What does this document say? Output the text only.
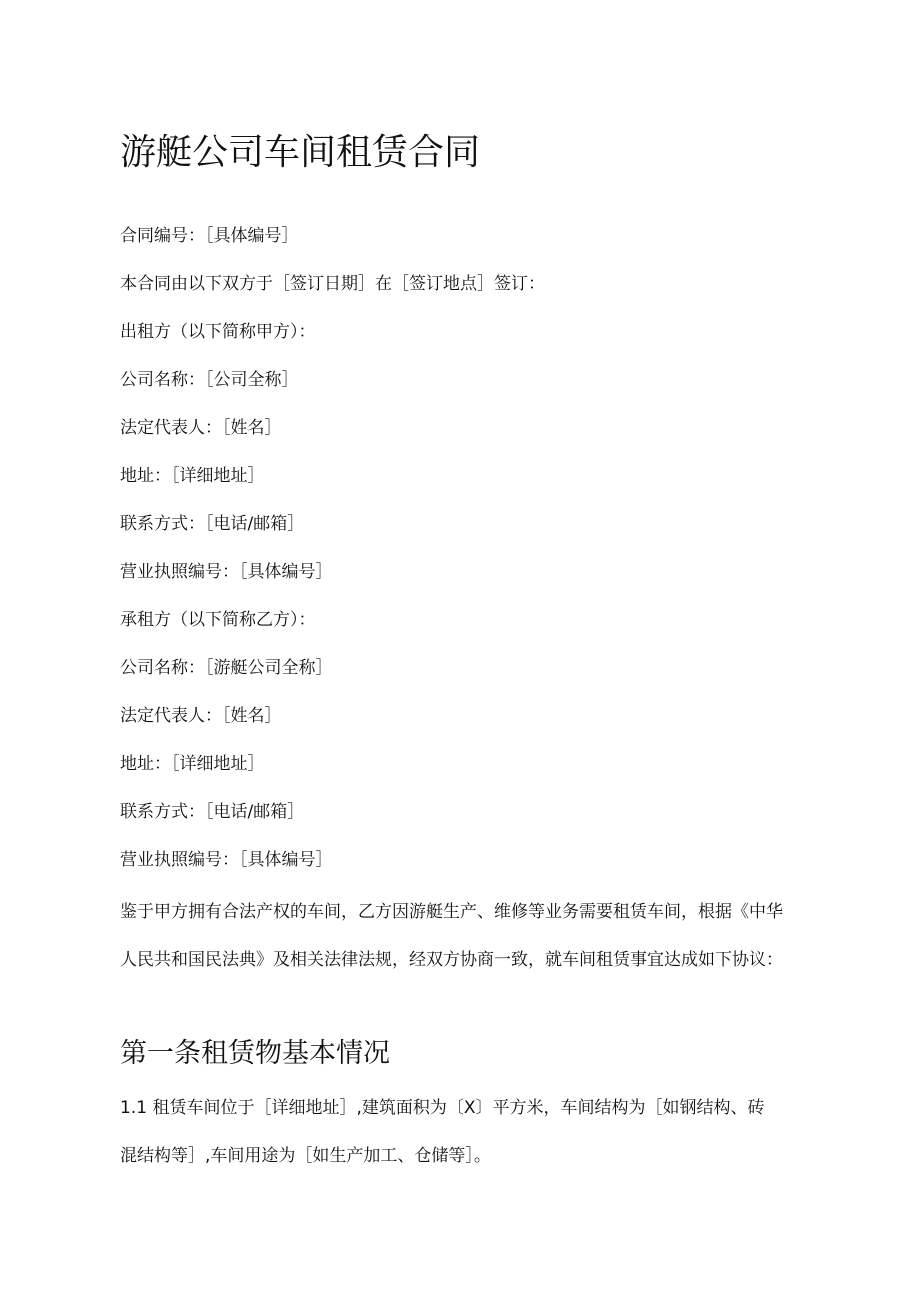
游艇公司车间租赁合同

合同编号：［具体编号］

本合同由以下双方于［签订日期］在［签订地点］签订：

出租方（以下简称甲方）：

公司名称：［公司全称］

法定代表人：［姓名］

地址：［详细地址］

联系方式：［电话/邮箱］

营业执照编号：［具体编号］

承租方（以下简称乙方）：

公司名称：［游艇公司全称］

法定代表人：［姓名］

地址：［详细地址］

联系方式：［电话/邮箱］

营业执照编号：［具体编号］

鉴于甲方拥有合法产权的车间，乙方因游艇生产、维修等业务需要租赁车间，根据《中华
人民共和国民法典》及相关法律法规，经双方协商一致，就车间租赁事宜达成如下协议：
第一条租赁物基本情况
1.1 租赁车间位于［详细地址］,建筑面积为〔X〕平方米，车间结构为［如钢结构、砖
混结构等］,车间用途为［如生产加工、仓储等］。
